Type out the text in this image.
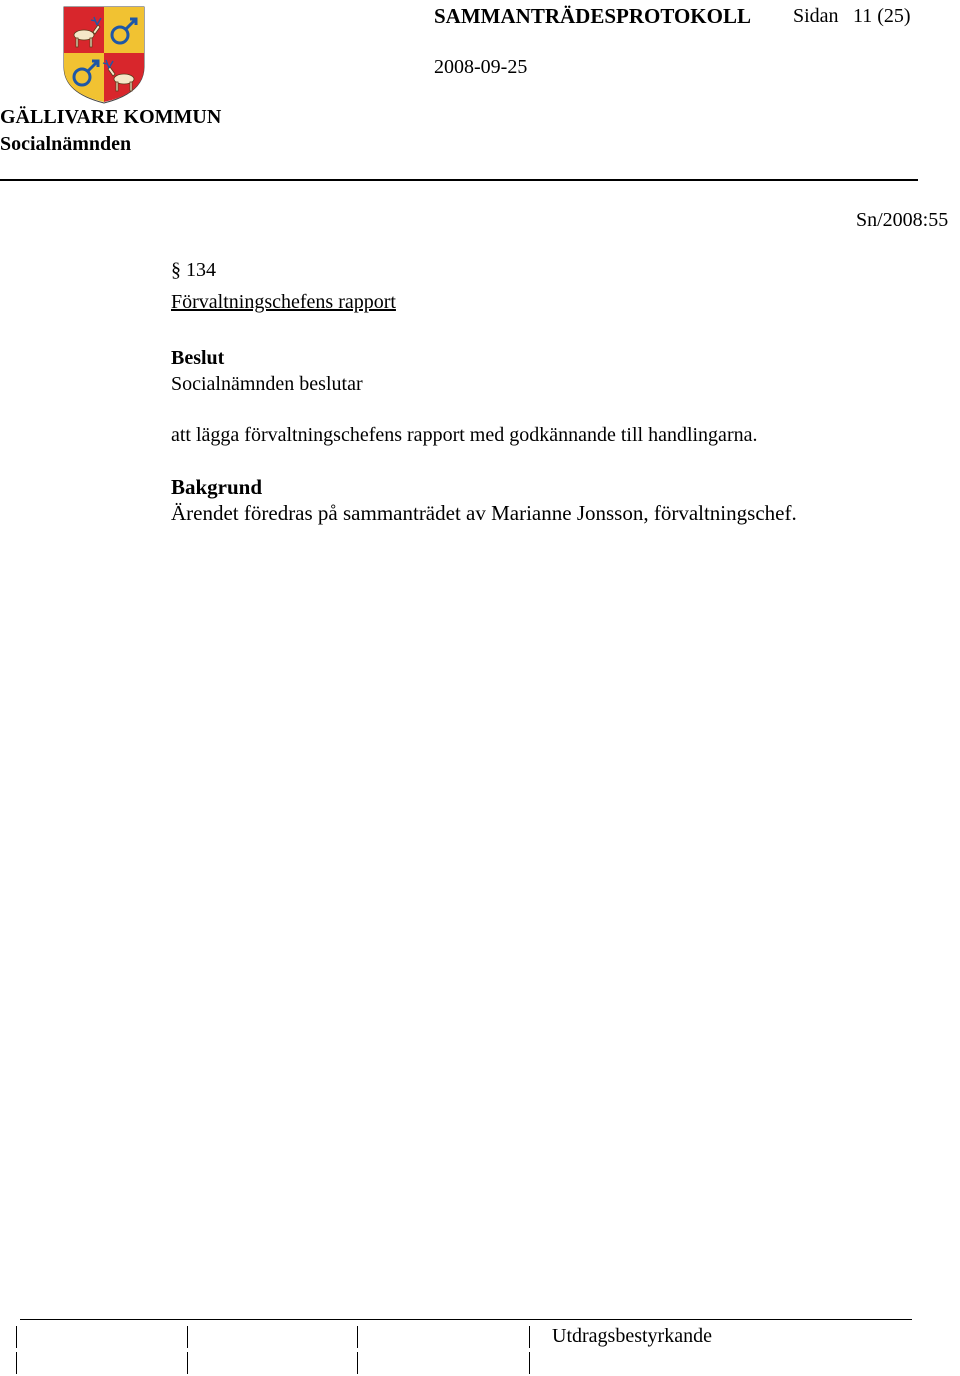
SAMMANTRÄDESPROTOKOLL Sidan 11 (25)
2008-09-25
GÄLLIVARE KOMMUN
Socialnämnden
Sn/2008:55
§ 134
Förvaltningschefens rapport
Beslut
Socialnämnden beslutar
att lägga förvaltningschefens rapport med godkännande till handlingarna.
Bakgrund
Ärendet föredras på sammanträdet av Marianne Jonsson, förvaltningschef.
Utdragsbestyrkande
